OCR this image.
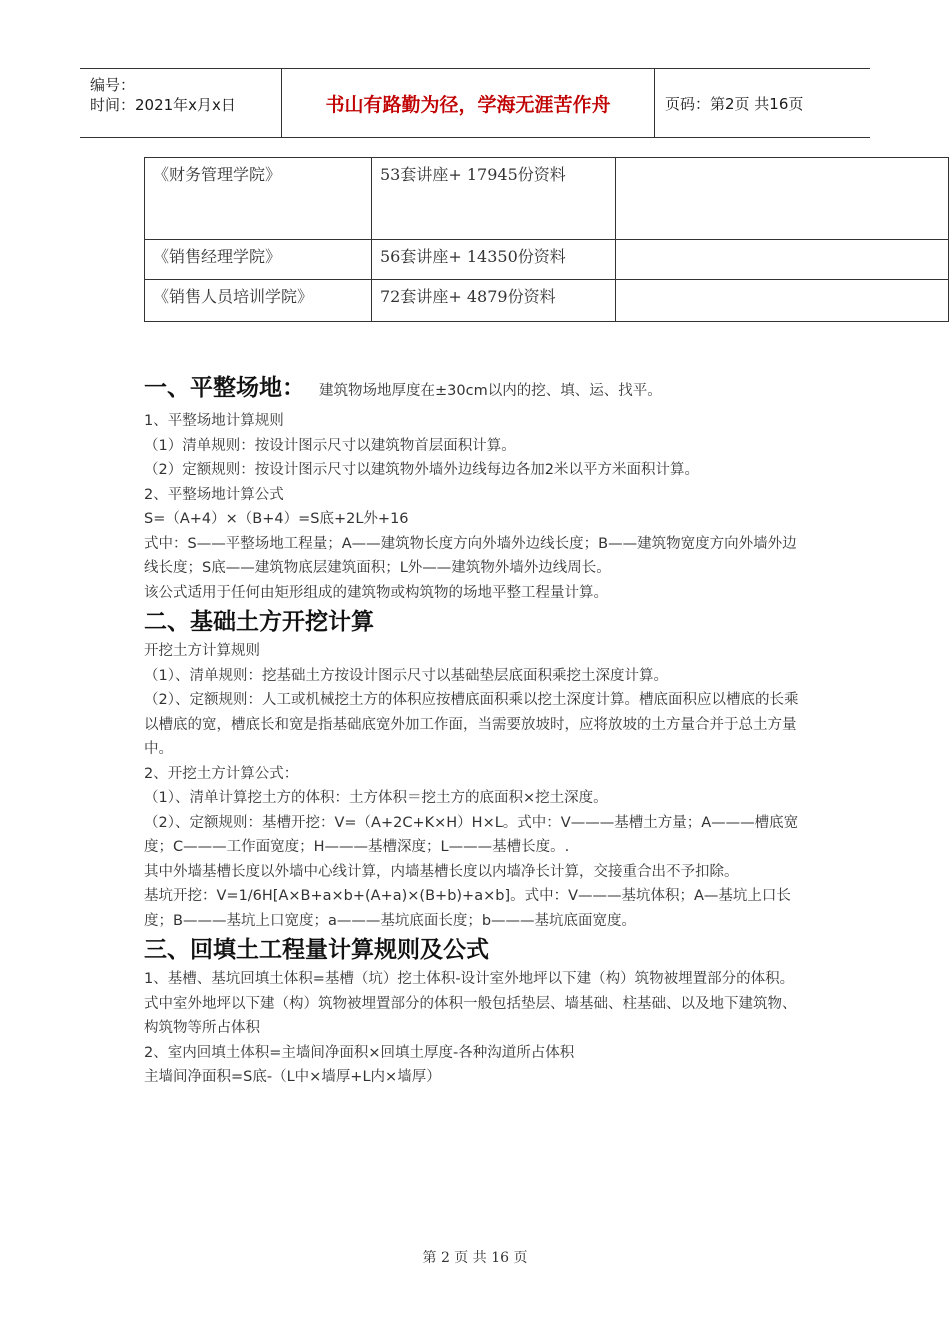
编号：
时间：2021年x月x日	书山有路勤为径，学海无涯苦作舟	页码：第2页 共16页
《财务管理学院》	53套讲座+ 17945份资料	
《销售经理学院》	56套讲座+ 14350份资料	
《销售人员培训学院》	72套讲座+ 4879份资料	

一、平整场地： 建筑物场地厚度在±30cm以内的挖、填、运、找平。

1、平整场地计算规则

（1）清单规则：按设计图示尺寸以建筑物首层面积计算。

（2）定额规则：按设计图示尺寸以建筑物外墙外边线每边各加2米以平方米面积计算。

2、平整场地计算公式

S=（A+4）×（B+4）=S底+2L外+16

式中：S——平整场地工程量；A——建筑物长度方向外墙外边线长度；B——建筑物宽度方向外墙外边线长度；S底——建筑物底层建筑面积；L外——建筑物外墙外边线周长。

该公式适用于任何由矩形组成的建筑物或构筑物的场地平整工程量计算。

二、基础土方开挖计算

开挖土方计算规则

（1）、清单规则：挖基础土方按设计图示尺寸以基础垫层底面积乘挖土深度计算。

（2）、定额规则：人工或机械挖土方的体积应按槽底面积乘以挖土深度计算。槽底面积应以槽底的长乘以槽底的宽，槽底长和宽是指基础底宽外加工作面，当需要放坡时，应将放坡的土方量合并于总土方量中。

2、开挖土方计算公式：

（1）、清单计算挖土方的体积：土方体积＝挖土方的底面积×挖土深度。

（2）、定额规则：基槽开挖：V=（A+2C+K×H）H×L。式中：V———基槽土方量；A———槽底宽度；C———工作面宽度；H———基槽深度；L———基槽长度。.

其中外墙基槽长度以外墙中心线计算，内墙基槽长度以内墙净长计算，交接重合出不予扣除。

基坑开挖：V=1/6H[A×B+a×b+(A+a)×(B+b)+a×b]。式中：V———基坑体积；A—基坑上口长度；B———基坑上口宽度；a———基坑底面长度；b———基坑底面宽度。

三、回填土工程量计算规则及公式

1、基槽、基坑回填土体积=基槽（坑）挖土体积-设计室外地坪以下建（构）筑物被埋置部分的体积。

式中室外地坪以下建（构）筑物被埋置部分的体积一般包括垫层、墙基础、柱基础、以及地下建筑物、构筑物等所占体积

2、室内回填土体积=主墙间净面积×回填土厚度-各种沟道所占体积

主墙间净面积=S底-（L中×墙厚+L内×墙厚）

第 2 页 共 16 页
